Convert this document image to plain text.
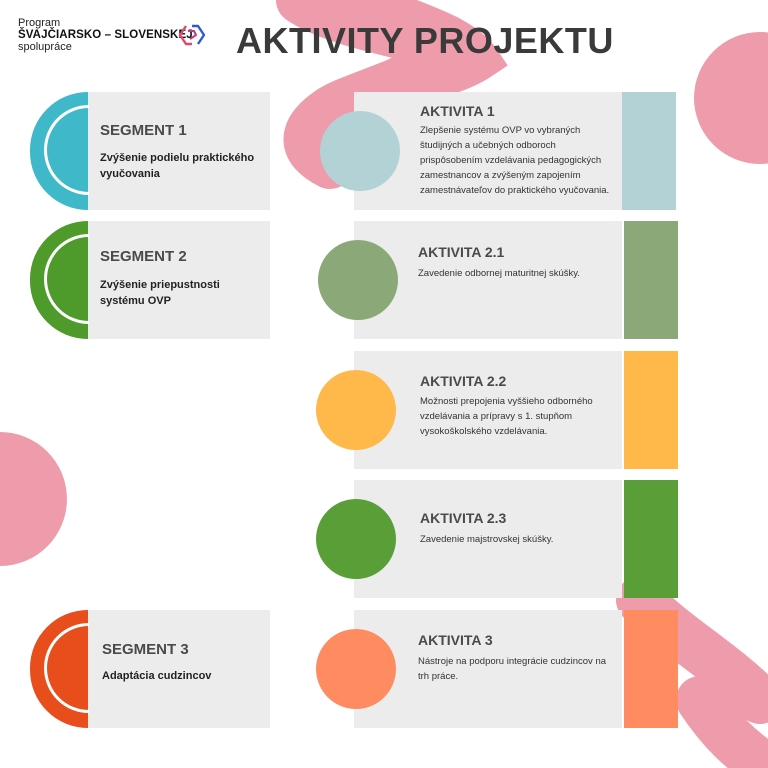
Program
ŠVAJČIARSKO – SLOVENSKEJ
spolupráce	AKTIVITY PROJEKTU
SEGMENT 1
Zvýšenie podielu praktického vyučovania
SEGMENT 2
Zvýšenie priepustnosti systému OVP
SEGMENT 3
Adaptácia cudzincov
AKTIVITA 1
Zlepšenie systému OVP vo vybraných študijných a učebných odboroch prispôsobením vzdelávania pedagogických zamestnancov a zvýšeným zapojením zamestnávateľov do praktického vyučovania.
AKTIVITA 2.1
Zavedenie odbornej maturitnej skúšky.
AKTIVITA 2.2
Možnosti prepojenia vyššieho odborného vzdelávania a prípravy s 1. stupňom vysokoškolského vzdelávania.
AKTIVITA 2.3
Zavedenie majstrovskej skúšky.
AKTIVITA 3
Nástroje na podporu integrácie cudzincov na trh práce.
